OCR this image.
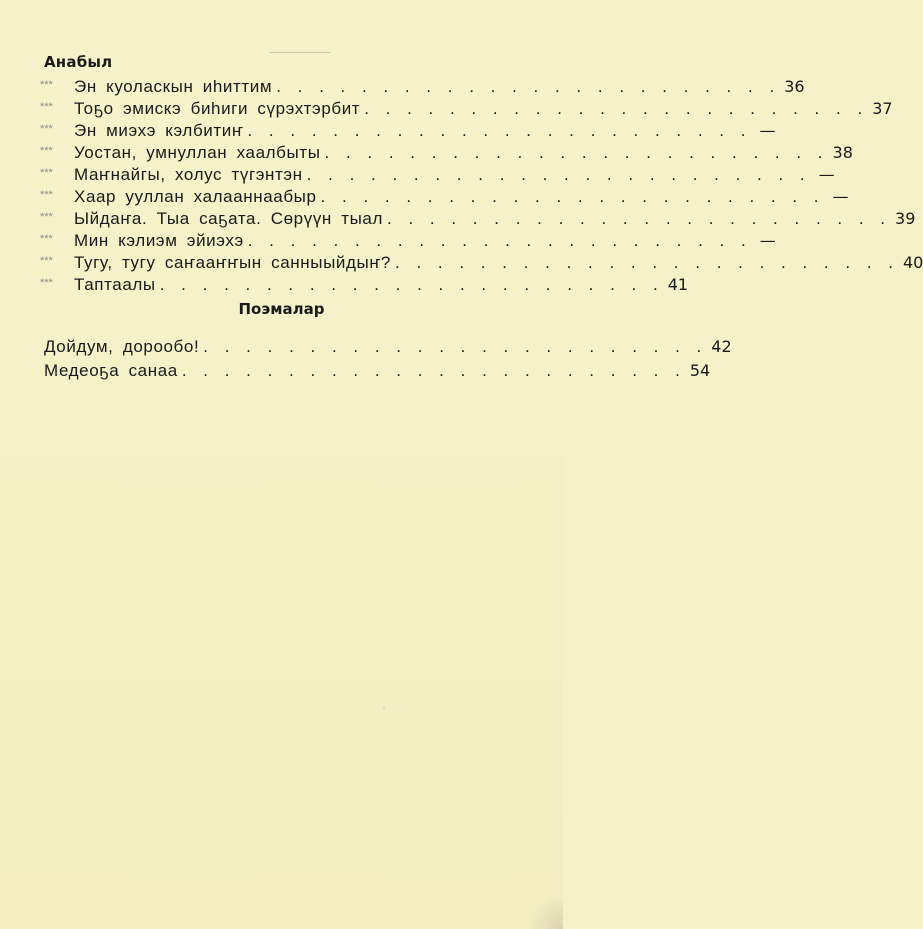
Анабыл
***	Эн куоласкын иhиттим . . . . . . . . . . . . . . . . . . . . . . . . 36
***	Тоҕо эмискэ биhиги сүрэхтэрбит . . . . . . . . . . . . . . . . . . . . . . . . 37
***	Эн миэхэ кэлбитиҥ . . . . . . . . . . . . . . . . . . . . . . . . —
***	Уостан, умнуллан хаалбыты . . . . . . . . . . . . . . . . . . . . . . . . 38
***	Маҥнайгы, холус түгэнтэн . . . . . . . . . . . . . . . . . . . . . . . . —
***	Хаар ууллан халааннаабыр . . . . . . . . . . . . . . . . . . . . . . . . —
***	Ыйдаҥа. Тыа саҕата. Сөрүүн тыал . . . . . . . . . . . . . . . . . . . . . . . . 39
***	Мин кэлиэм эйиэхэ . . . . . . . . . . . . . . . . . . . . . . . . —
***	Тугу, тугу саҥааҥҥын санныыйдыҥ? . . . . . . . . . . . . . . . . . . . . . . . . 40
***	Таптаалы . . . . . . . . . . . . . . . . . . . . . . . . 41
Поэмалар
Дойдум, дорообо! . . . . . . . . . . . . . . . . . . . . . . . . 42
Медеоҕа санаа . . . . . . . . . . . . . . . . . . . . . . . . 54
·
